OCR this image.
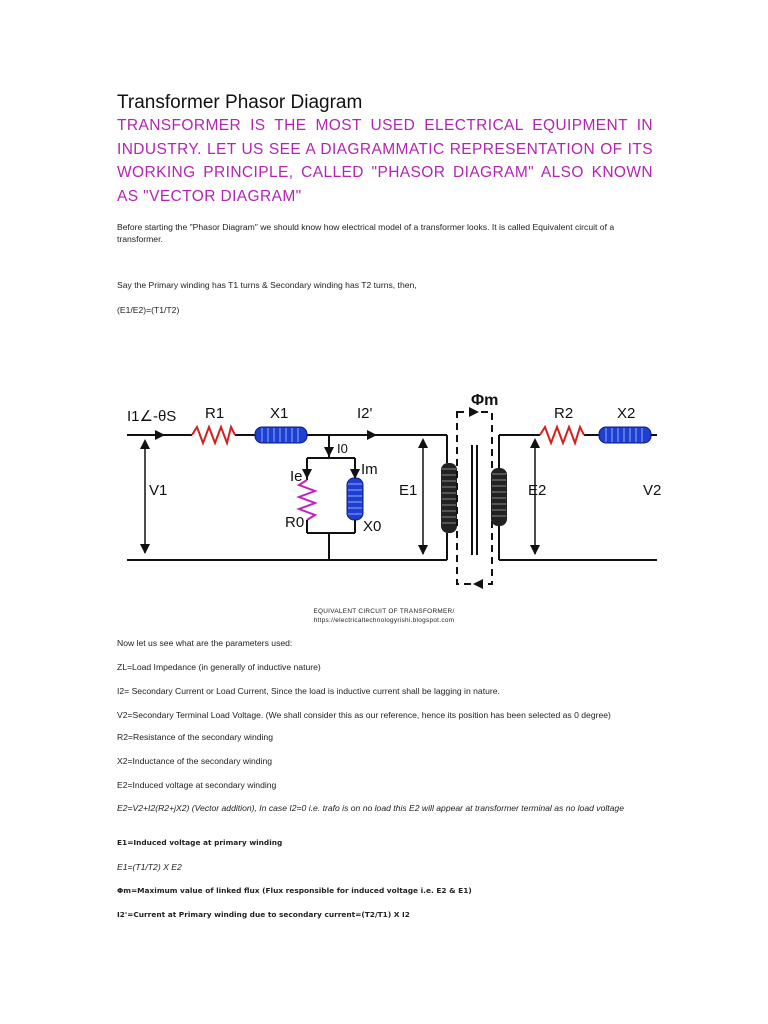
Transformer Phasor Diagram
TRANSFORMER IS THE MOST USED ELECTRICAL EQUIPMENT IN INDUSTRY. LET US SEE A DIAGRAMMATIC REPRESENTATION OF ITS WORKING PRINCIPLE, CALLED "PHASOR DIAGRAM" ALSO KNOWN AS "VECTOR DIAGRAM"
Before starting the "Phasor Diagram" we should know how electrical model of a transformer looks. It is called Equivalent circuit of a transformer.
Say the Primary winding has T1 turns & Secondary winding has T2 turns, then,
(E1/E2)=(T1/T2)
I1∠-θS R1	X1	I2'
I0
Ie	Im
R0	X0
V1	E1
Φm
R2	X2
E2	V2
EQUIVALENT CIRCUIT OF TRANSFORMER/
https://electricaltechnologyrishi.blogspot.com
Now let us see what are the parameters used:
ZL=Load Impedance (in generally of inductive nature)
I2= Secondary Current or Load Current, Since the load is inductive current shall be lagging in nature.
V2=Secondary Terminal Load Voltage. (We shall consider this as our reference, hence its position has been selected as 0 degree)
R2=Resistance of the secondary winding
X2=Inductance of the secondary winding
E2=Induced voltage at secondary winding
E2=V2+I2(R2+jX2) (Vector addition), In case I2=0 i.e. trafo is on no load this E2 will appear at transformer terminal as no load voltage
E1=Induced voltage at primary winding
E1=(T1/T2) X E2
Φm=Maximum value of linked flux (Flux responsible for induced voltage i.e. E2 & E1)
I2'=Current at Primary winding due to secondary current=(T2/T1) X I2
